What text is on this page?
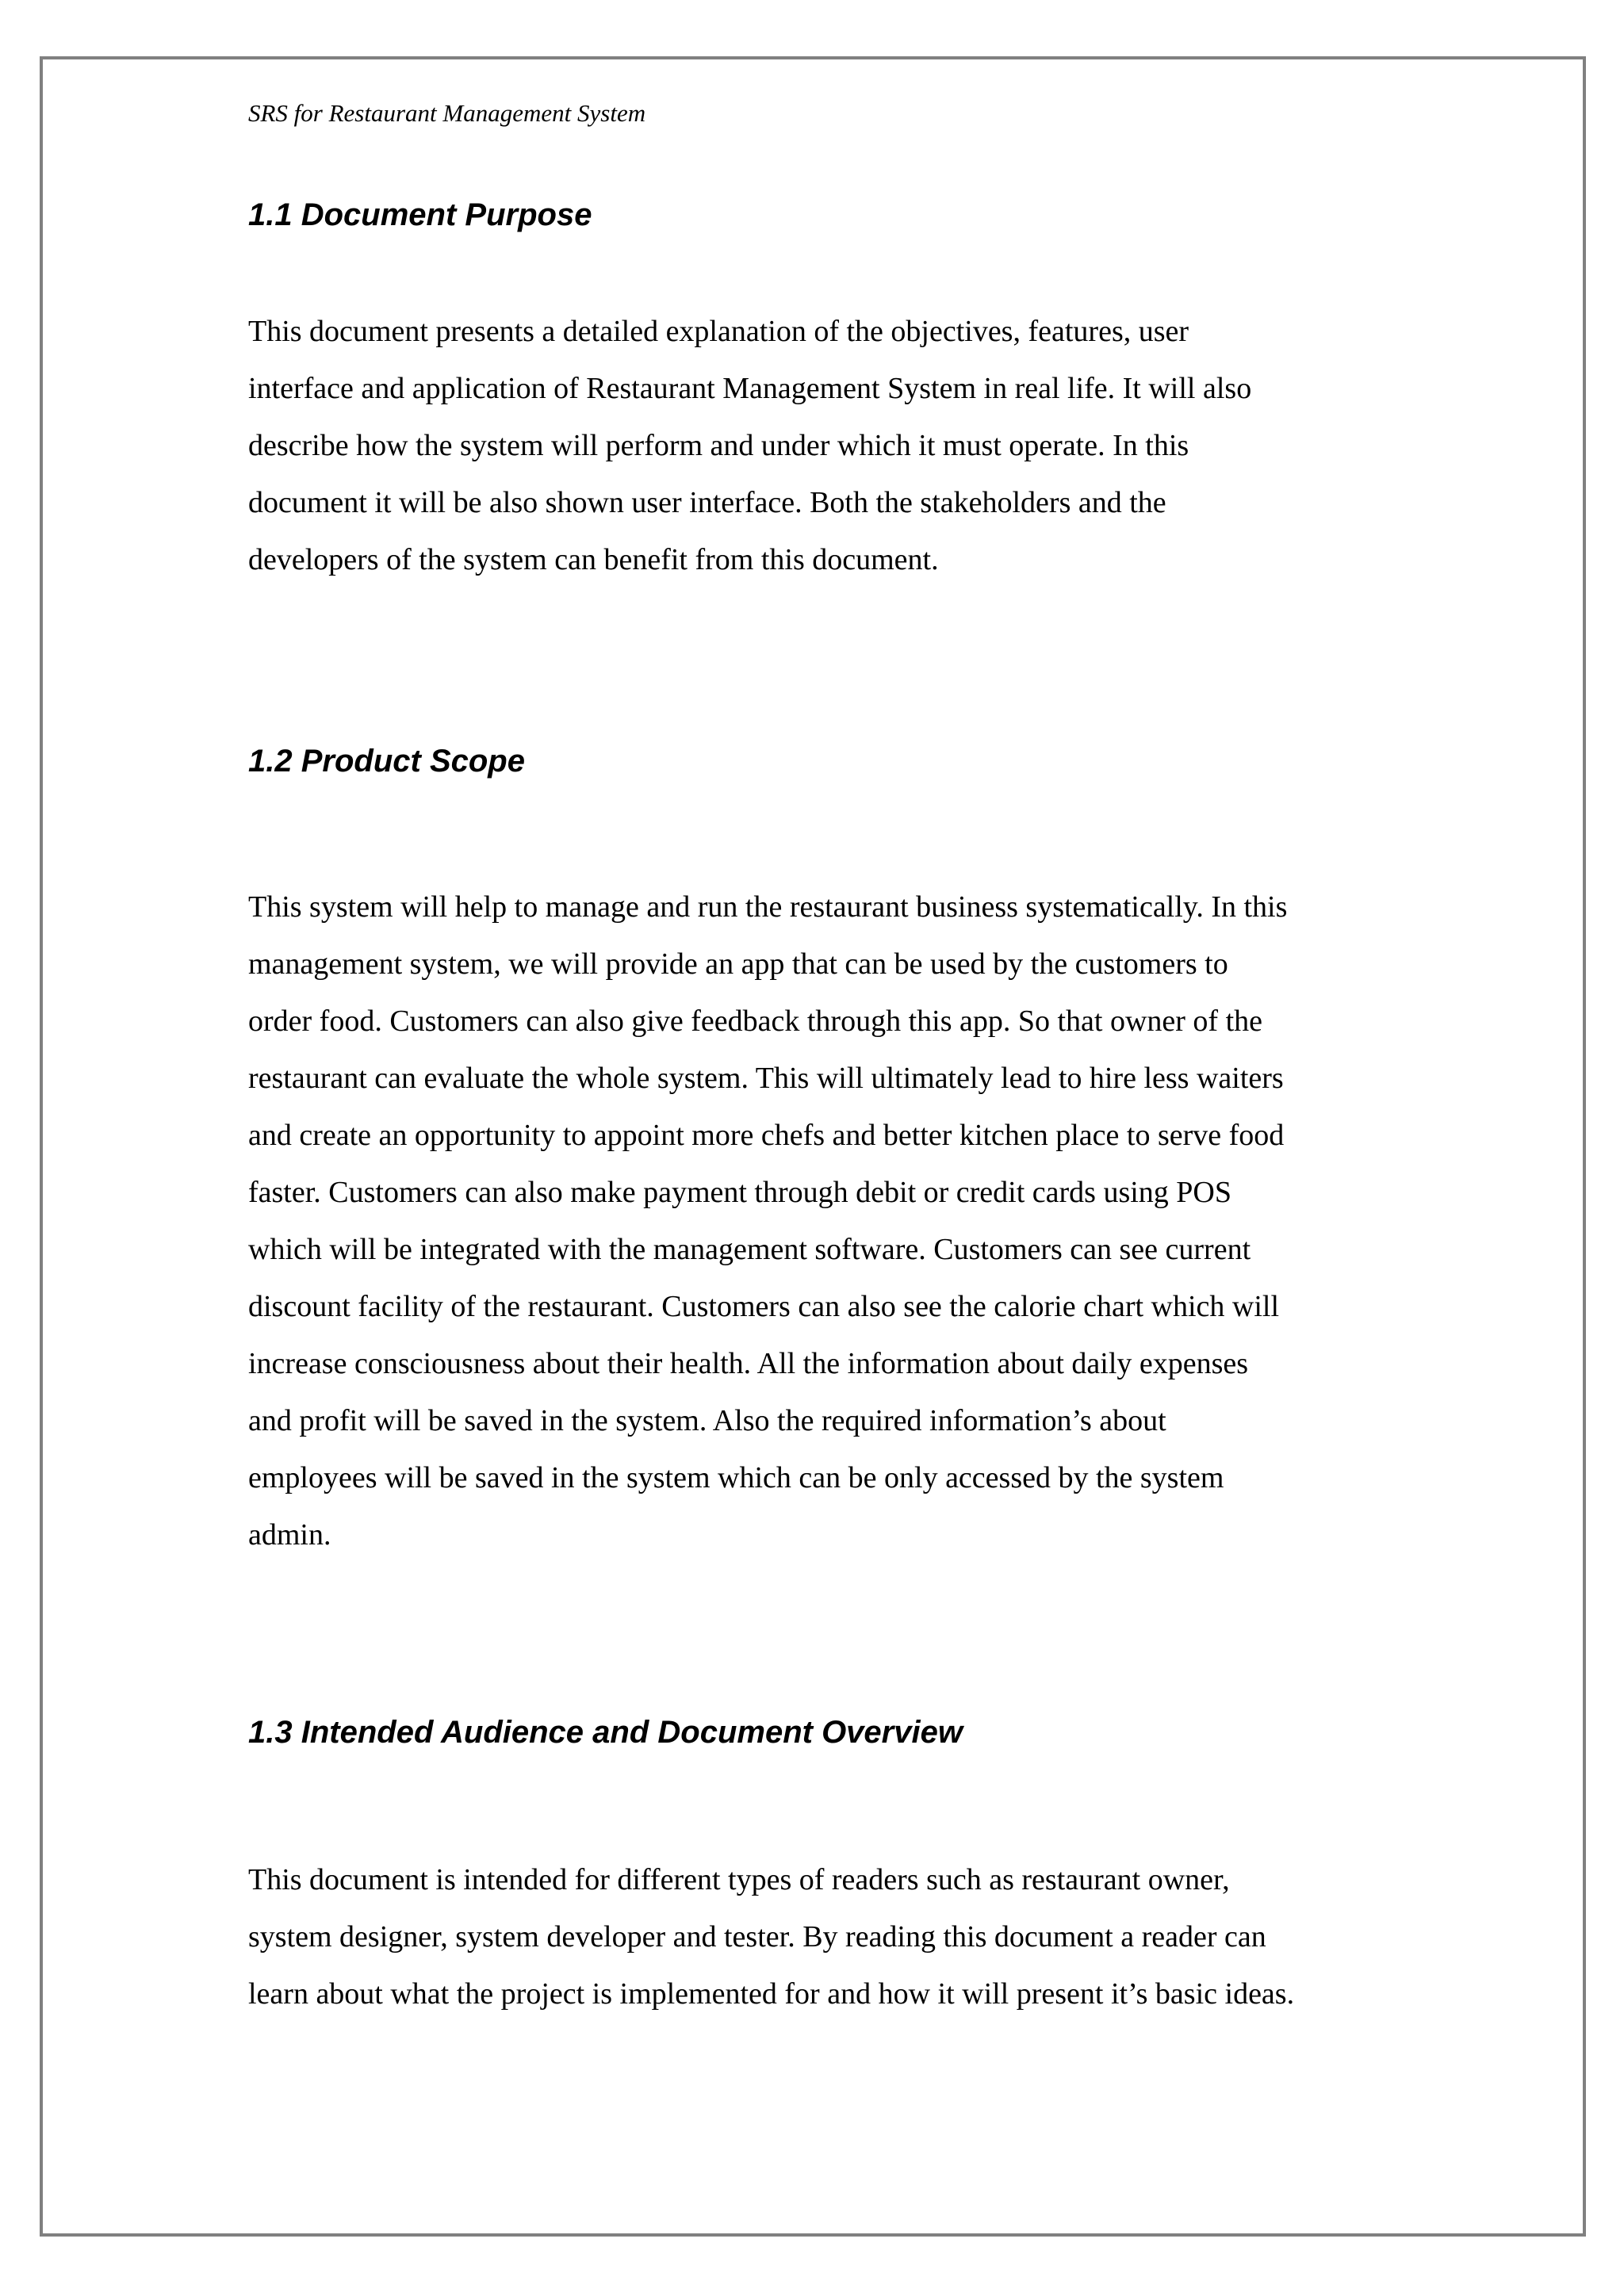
SRS for Restaurant Management System
1.1 Document Purpose
This document presents a detailed explanation of the objectives, features, user
interface and application of Restaurant Management System in real life. It will also
describe how the system will perform and under which it must operate. In this
document it will be also shown user interface. Both the stakeholders and the
developers of the system can benefit from this document.
1.2 Product Scope
This system will help to manage and run the restaurant business systematically. In this
management system, we will provide an app that can be used by the customers to
order food. Customers can also give feedback through this app. So that owner of the
restaurant can evaluate the whole system. This will ultimately lead to hire less waiters
and create an opportunity to appoint more chefs and better kitchen place to serve food
faster. Customers can also make payment through debit or credit cards using POS
which will be integrated with the management software. Customers can see current
discount facility of the restaurant. Customers can also see the calorie chart which will
increase consciousness about their health. All the information about daily expenses
and profit will be saved in the system. Also the required information’s about
employees will be saved in the system which can be only accessed by the system
admin.
1.3 Intended Audience and Document Overview
This document is intended for different types of readers such as restaurant owner,
system designer, system developer and tester. By reading this document a reader can
learn about what the project is implemented for and how it will present it’s basic ideas.
